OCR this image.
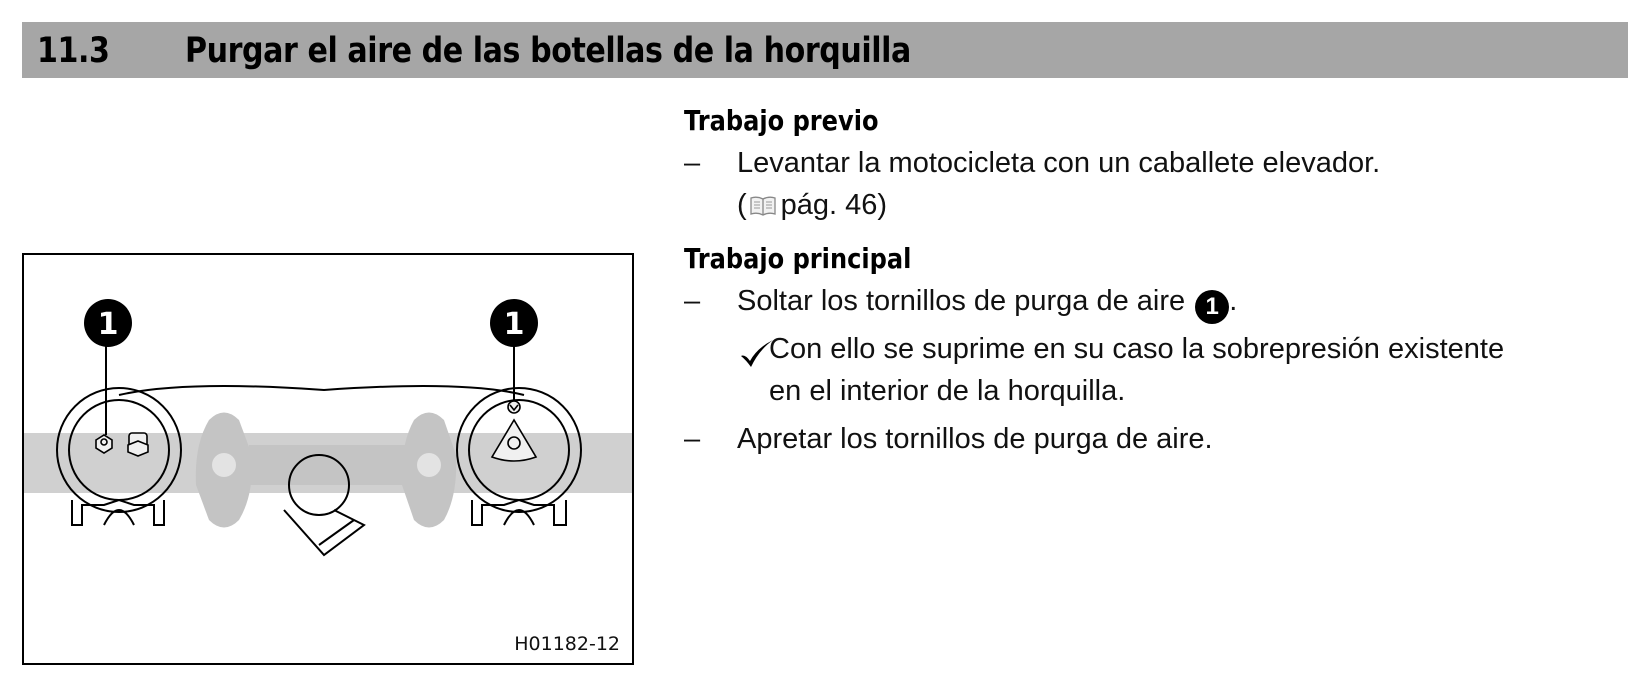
11.3 Purgar el aire de las botellas de la horquilla
1	1
H01182-12
Trabajo previo
–	Levantar la motocicleta con un caballete elevador.
( pág. 46)
Trabajo principal
–	Soltar los tornillos de purga de aire 1 .
Con ello se suprime en su caso la sobrepresión existente
en el interior de la horquilla.
–	Apretar los tornillos de purga de aire.
